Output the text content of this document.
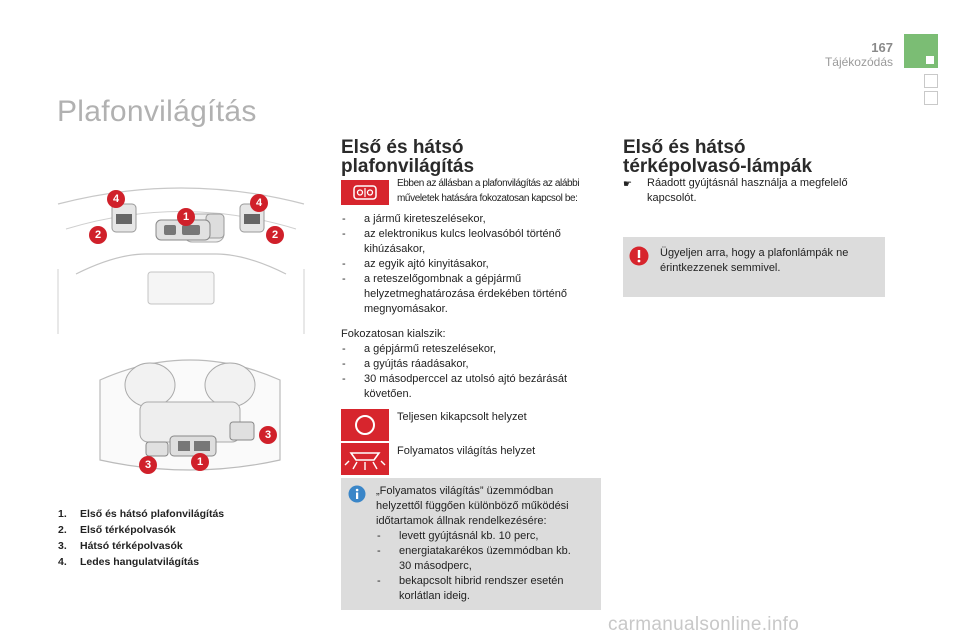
167
Tájékozódás
Plafonvilágítás
4
1
4
2	2
3
3	1
1. Első és hátsó plafonvilágítás
2. Első térképolvasók
3. Hátsó térképolvasók
4. Ledes hangulatvilágítás
Első és hátsó
plafonvilágítás
Ebben az állásban a plafonvilágítás az alábbi
műveletek hatására fokozatosan kapcsol be:
- a jármű kireteszelésekor,
- az elektronikus kulcs leolvasóból történő
kihúzásakor,
- az egyik ajtó kinyitásakor,
- a reteszelőgombnak a gépjármű
helyzetmeghatározása érdekében történő
megnyomásakor.
Fokozatosan kialszik:
- a gépjármű reteszelésekor,
- a gyújtás ráadásakor,
- 30 másodperccel az utolsó ajtó bezárását
követően.
Teljesen kikapcsolt helyzet
Folyamatos világítás helyzet
„Folyamatos világítás” üzemmódban
helyzettől függően különböző működési
időtartamok állnak rendelkezésére:
- levett gyújtásnál kb. 10 perc,
- energiatakarékos üzemmódban kb.
30 másodperc,
- bekapcsolt hibrid rendszer esetén
korlátlan ideig.
Első és hátsó
térképolvasó-lámpák
☛ Ráadott gyújtásnál használja a megfelelő
kapcsolót.
Ügyeljen arra, hogy a plafonlámpák ne
érintkezzenek semmivel.
carmanualsonline.info
